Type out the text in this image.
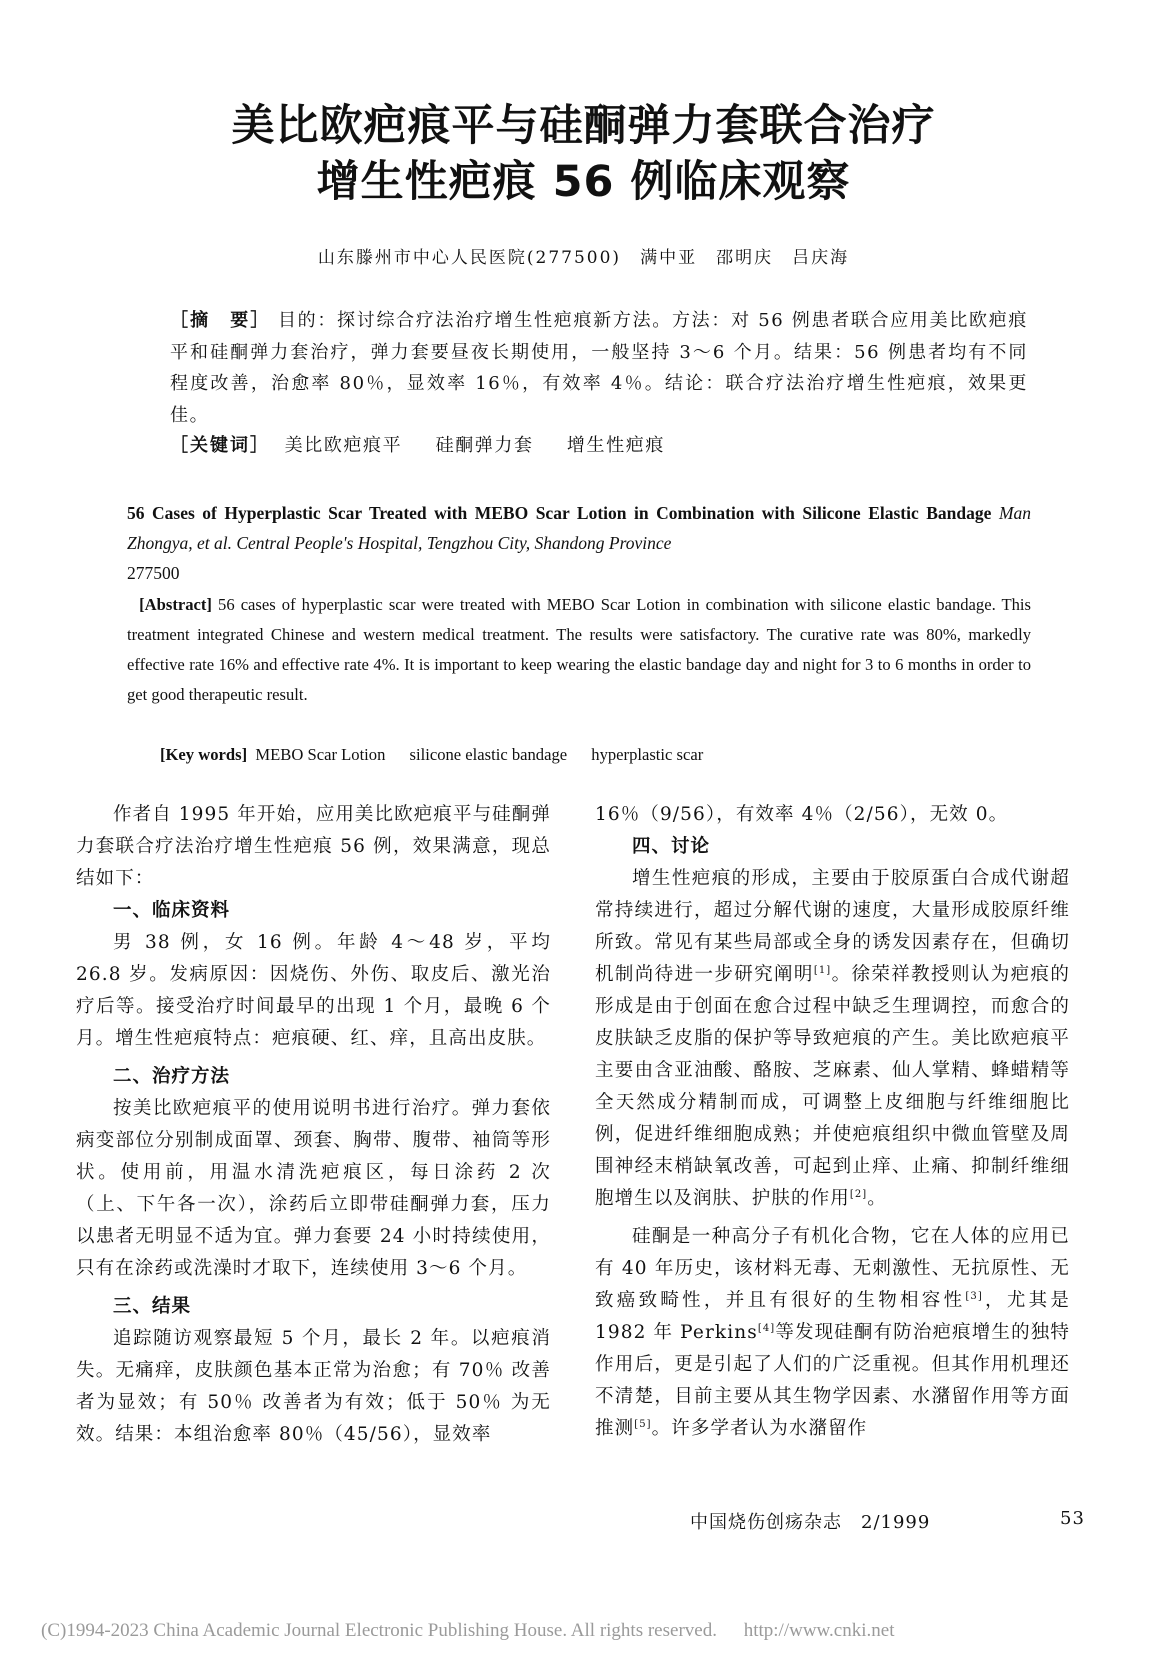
美比欧疤痕平与硅酮弹力套联合治疗
增生性疤痕 56 例临床观察
山东滕州市中心人民医院(277500)　满中亚　邵明庆　吕庆海
［摘　要］ 目的：探讨综合疗法治疗增生性疤痕新方法。方法：对 56 例患者联合应用美比欧疤痕平和硅酮弹力套治疗，弹力套要昼夜长期使用，一般坚持 3～6 个月。结果：56 例患者均有不同程度改善，治愈率 80％，显效率 16％，有效率 4％。结论：联合疗法治疗增生性疤痕，效果更佳。
［关键词］ 美比欧疤痕平 硅酮弹力套 增生性疤痕
56 Cases of Hyperplastic Scar Treated with MEBO Scar Lotion in Combination with Silicone Elastic Bandage Man Zhongya, et al. Central People's Hospital, Tengzhou City, Shandong Province
277500
[Abstract] 56 cases of hyperplastic scar were treated with MEBO Scar Lotion in combination with silicone elastic bandage. This treatment integrated Chinese and western medical treatment. The results were satisfactory. The curative rate was 80%, markedly effective rate 16% and effective rate 4%. It is important to keep wearing the elastic bandage day and night for 3 to 6 months in order to get good therapeutic result.
[Key words] MEBO Scar Lotion silicone elastic bandage hyperplastic scar

作者自 1995 年开始，应用美比欧疤痕平与硅酮弹力套联合疗法治疗增生性疤痕 56 例，效果满意，现总结如下：

一、临床资料

男 38 例，女 16 例。年龄 4～48 岁，平均 26.8 岁。发病原因：因烧伤、外伤、取皮后、激光治疗后等。接受治疗时间最早的出现 1 个月，最晚 6 个月。增生性疤痕特点：疤痕硬、红、痒，且高出皮肤。

二、治疗方法

按美比欧疤痕平的使用说明书进行治疗。弹力套依病变部位分别制成面罩、颈套、胸带、腹带、袖筒等形状。使用前，用温水清洗疤痕区，每日涂药 2 次（上、下午各一次），涂药后立即带硅酮弹力套，压力以患者无明显不适为宜。弹力套要 24 小时持续使用，只有在涂药或洗澡时才取下，连续使用 3～6 个月。

三、结果

追踪随访观察最短 5 个月，最长 2 年。以疤痕消失。无痛痒，皮肤颜色基本正常为治愈；有 70％ 改善者为显效；有 50％ 改善者为有效；低于 50％ 为无效。结果：本组治愈率 80％（45/56），显效率

16％（9/56），有效率 4％（2/56），无效 0。

四、讨论

增生性疤痕的形成，主要由于胶原蛋白合成代谢超常持续进行，超过分解代谢的速度，大量形成胶原纤维所致。常见有某些局部或全身的诱发因素存在，但确切机制尚待进一步研究阐明[1]。徐荣祥教授则认为疤痕的形成是由于创面在愈合过程中缺乏生理调控，而愈合的皮肤缺乏皮脂的保护等导致疤痕的产生。美比欧疤痕平主要由含亚油酸、酪胺、芝麻素、仙人掌精、蜂蜡精等全天然成分精制而成，可调整上皮细胞与纤维细胞比例，促进纤维细胞成熟；并使疤痕组织中微血管壁及周围神经末梢缺氧改善，可起到止痒、止痛、抑制纤维细胞增生以及润肤、护肤的作用[2]。

硅酮是一种高分子有机化合物，它在人体的应用已有 40 年历史，该材料无毒、无刺激性、无抗原性、无致癌致畸性，并且有很好的生物相容性[3]，尤其是 1982 年 Perkins[4]等发现硅酮有防治疤痕增生的独特作用后，更是引起了人们的广泛重视。但其作用机理还不清楚，目前主要从其生物学因素、水潴留作用等方面推测[5]。许多学者认为水潴留作

中国烧伤创疡杂志　2/1999	53
(C)1994-2023 China Academic Journal Electronic Publishing House. All rights reserved. http://www.cnki.net
